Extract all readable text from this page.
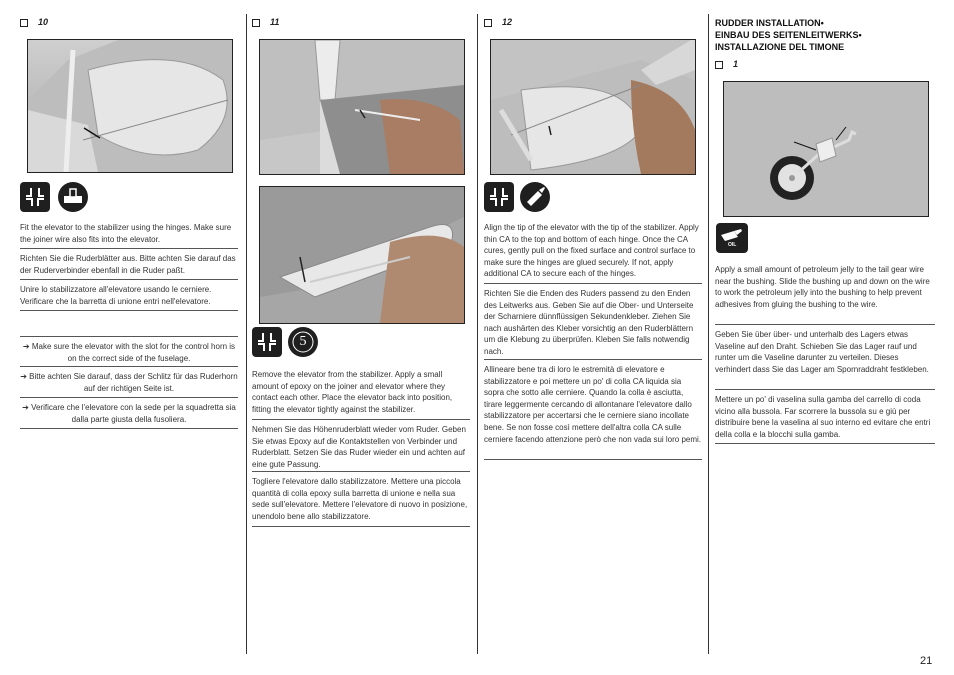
10
Fit the elevator to the stabilizer using the hinges. Make sure the joiner wire also fits into the elevator.
Richten Sie die Ruderblätter aus. Bitte achten Sie darauf das der Ruderverbinder ebenfall in die Ruder paßt.
Unire lo stabilizzatore all'elevatore usando le cerniere. Verificare che la barretta di unione entri nell'elevatore.
➔ Make sure the elevator with the slot for the control horn is on the correct side of the fuselage.
➔ Bitte achten Sie darauf, dass der Schlitz für das Ruderhorn auf der richtigen Seite ist.
➔ Verificare che l'elevatore con la sede per la squadretta sia dalla parte giusta della fusoliera.
11
5
Remove the elevator from the stabilizer. Apply a small amount of epoxy on the joiner and elevator where they contact each other. Place the elevator back into position, fitting the elevator tightly against the stabilizer.
Nehmen Sie das Höhenruderblatt wieder vom Ruder. Geben Sie etwas Epoxy auf die Kontaktstellen von Verbinder und Ruderblatt. Setzen Sie das Ruder wieder ein und achten auf eine gute Passung.
Togliere l'elevatore dallo stabilizzatore. Mettere una piccola quantità di colla epoxy sulla barretta di unione e nella sua sede sull'elevatore. Mettere l'elevatore di nuovo in posizione, unendolo bene allo stabilizzatore.
12
Align the tip of the elevator with the tip of the stabilizer. Apply thin CA to the top and bottom of each hinge. Once the CA cures, gently pull on the fixed surface and control surface to make sure the hinges are glued securely. If not, apply additional CA to secure each of the hinges.
Richten Sie die Enden des Ruders passend zu den Enden des Leitwerks aus. Geben Sie auf die Ober- und Unterseite der Scharniere dünnflüssigen Sekundenkleber. Ziehen Sie nach aushärten des Kleber vorsichtig an den Ruderblättern um die Klebung zu überprüfen. Kleben Sie falls notwendig nach.
Allineare bene tra di loro le estremità di elevatore e stabilizzatore e poi mettere un po' di colla CA liquida sia sopra che sotto alle cerniere. Quando la colla è asciutta, tirare leggermente cercando di allontanare l'elevatore dallo stabilizzatore per accertarsi che le cerniere siano incollate bene. Se non fosse così mettere dell'altra colla CA sulle cerniere facendo attenzione però che non vada sui loro pemi.
RUDDER INSTALLATION•
EINBAU DES SEITENLEITWERKS•
INSTALLAZIONE DEL TIMONE
1
OIL
Apply a small amount of petroleum jelly to the tail gear wire near the bushing. Slide the bushing up and down on the wire to work the petroleum jelly into the bushing to help prevent adhesives from gluing the bushing to the wire.
Geben Sie über über- und unterhalb des Lagers etwas Vaseline auf den Draht. Schieben Sie das Lager rauf und runter um die Vaseline darunter zu verteilen. Dieses verhindert dass Sie das Lager am Spornraddraht festkleben.
Mettere un po' di vaselina sulla gamba del carrello di coda vicino alla bussola. Far scorrere la bussola su e giù per distribuire bene la vaselina al suo interno ed evitare che entri della colla e la blocchi sulla gamba.
21
